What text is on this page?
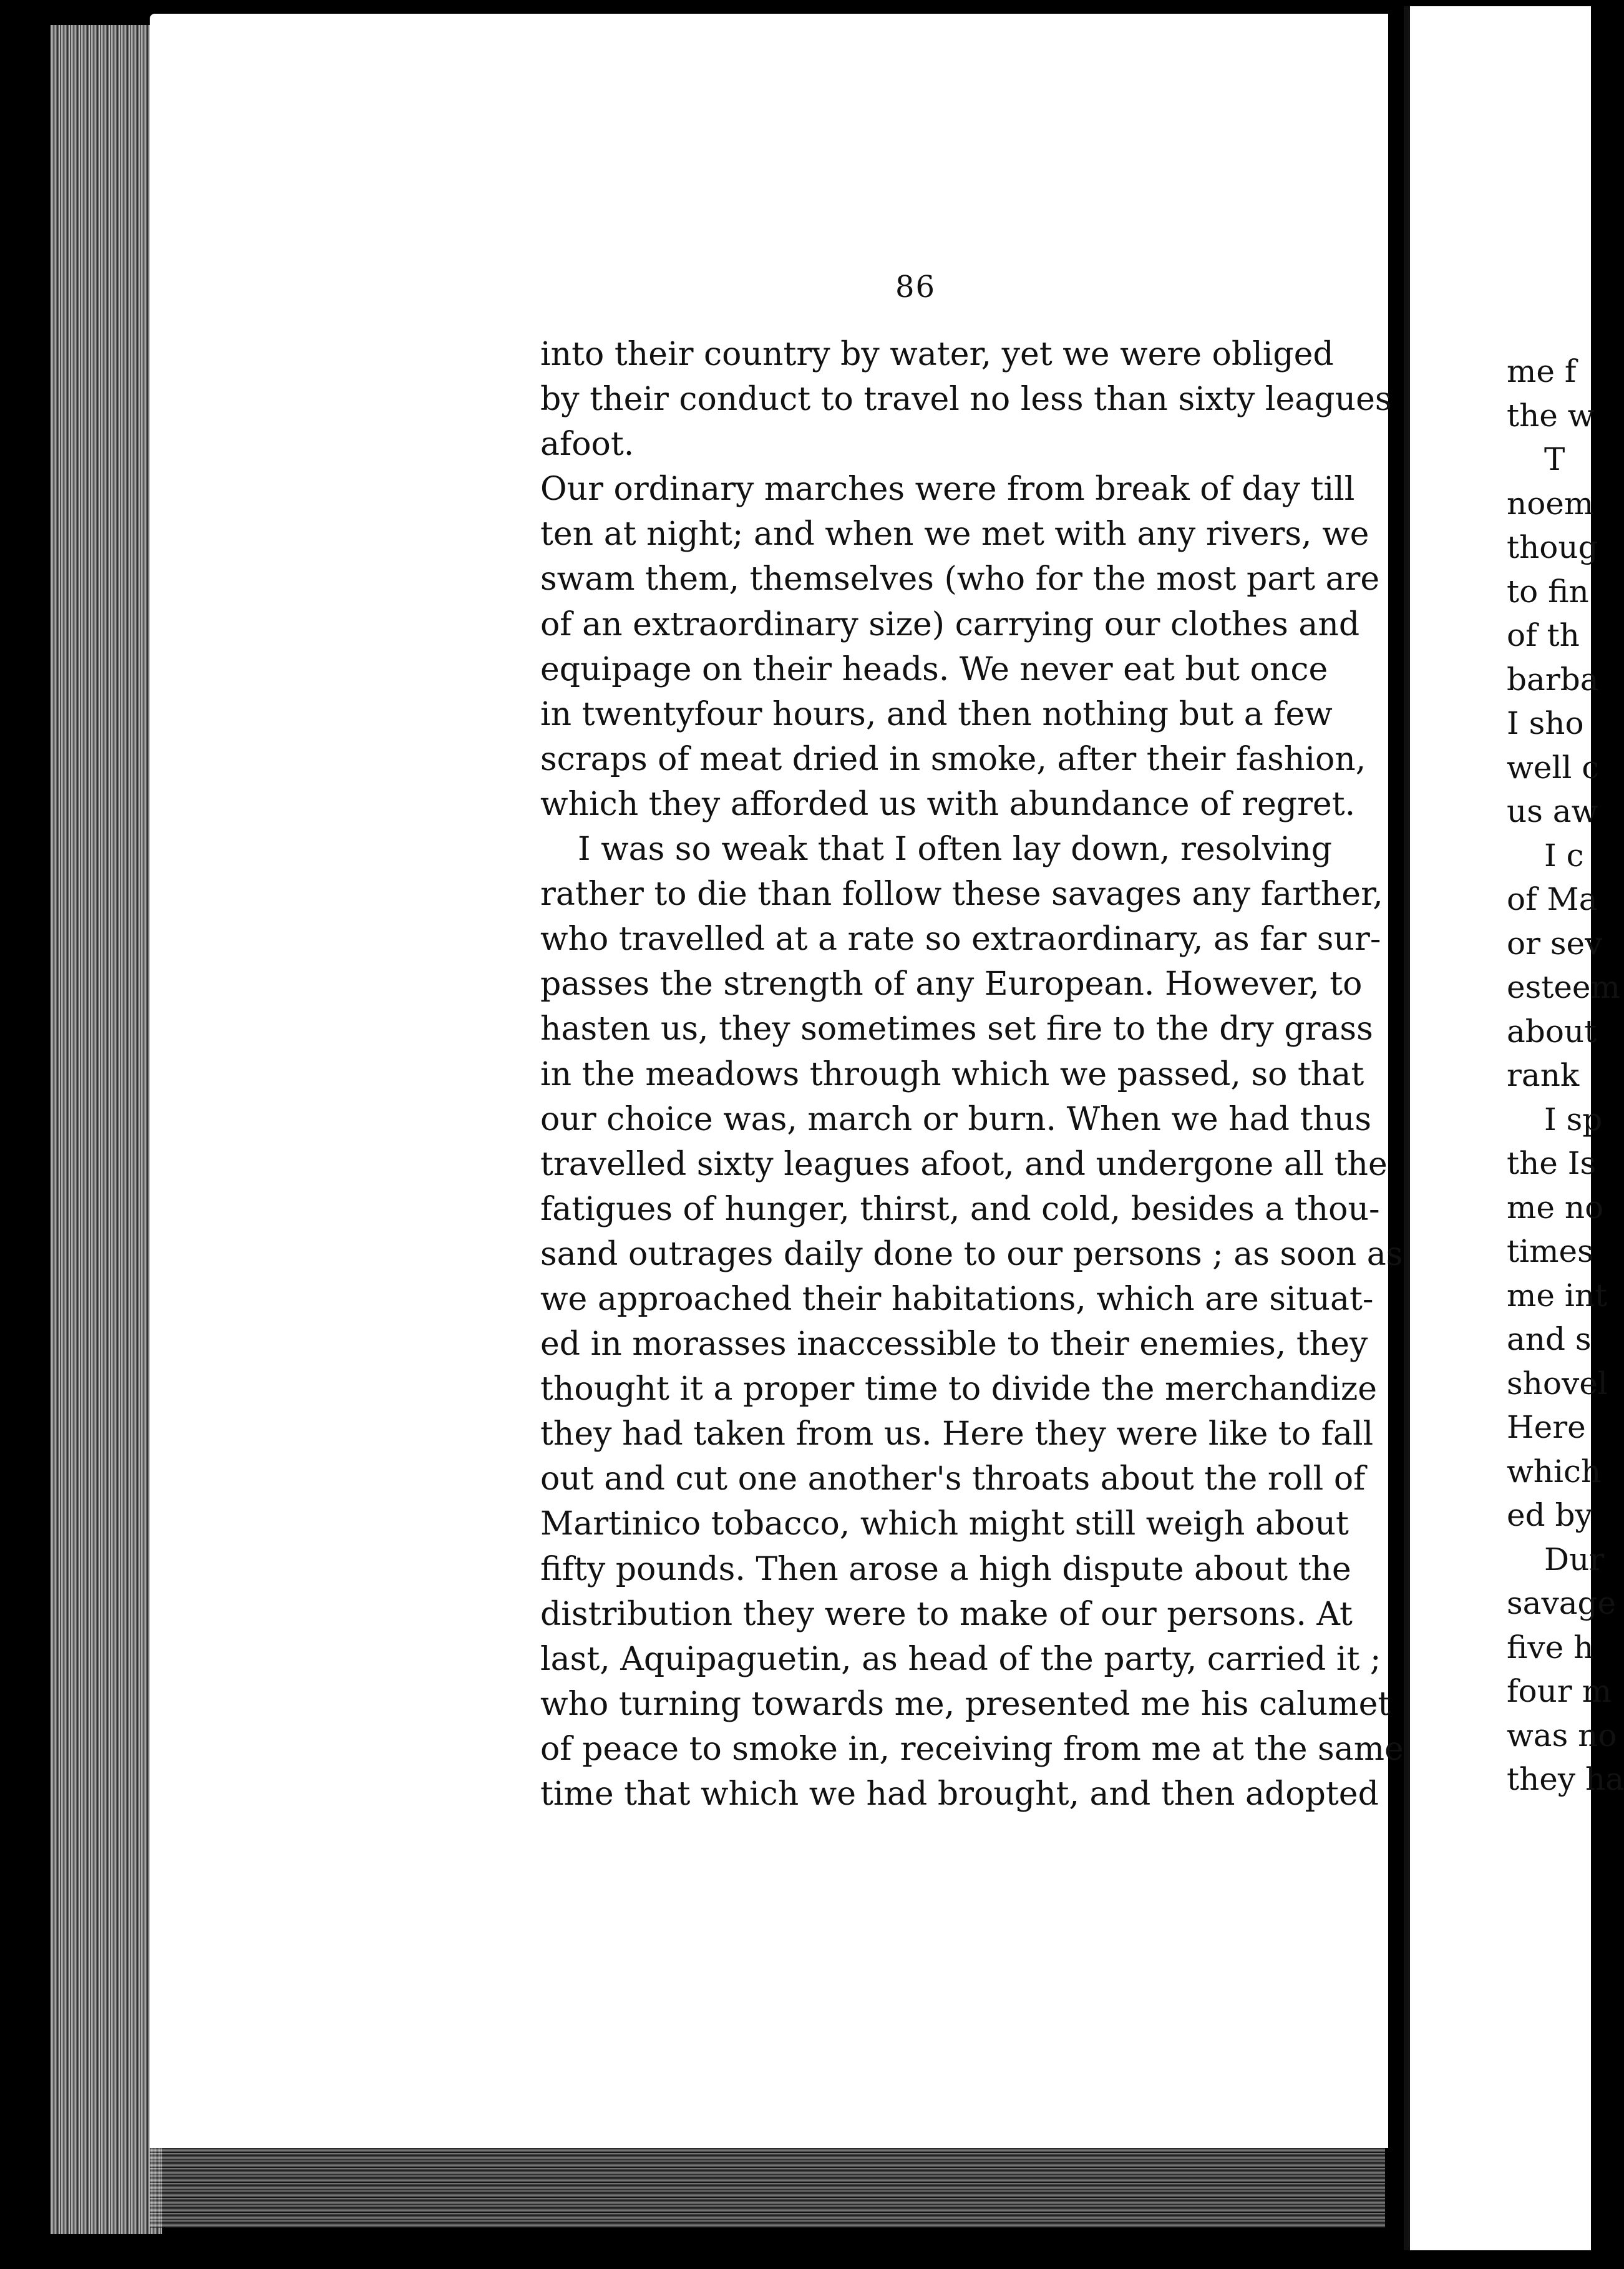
86

into their country by water, yet we were obliged
by their conduct to travel no less than sixty leagues
afoot.

Our ordinary marches were from break of day till
ten at night; and when we met with any rivers, we
swam them, themselves (who for the most part are
of an extraordinary size) carrying our clothes and
equipage on their heads. We never eat but once
in twentyfour hours, and then nothing but a few
scraps of meat dried in smoke, after their fashion,
which they afforded us with abundance of regret.

I was so weak that I often lay down, resolving
rather to die than follow these savages any farther,
who travelled at a rate so extraordinary, as far sur-
passes the strength of any European. However, to
hasten us, they sometimes set fire to the dry grass
in the meadows through which we passed, so that
our choice was, march or burn. When we had thus
travelled sixty leagues afoot, and undergone all the
fatigues of hunger, thirst, and cold, besides a thou-
sand outrages daily done to our persons ; as soon as
we approached their habitations, which are situat-
ed in morasses inaccessible to their enemies, they
thought it a proper time to divide the merchandize
they had taken from us. Here they were like to fall
out and cut one another's throats about the roll of
Martinico tobacco, which might still weigh about
fifty pounds. Then arose a high dispute about the
distribution they were to make of our persons. At
last, Aquipaguetin, as head of the party, carried it ;
who turning towards me, presented me his calumet
of peace to smoke in, receiving from me at the same
time that which we had brought, and then adopted

me f
the w
T
noem
thoug
to fin
of th
barba
I sho
well c
us aw
I c
of Ma
or sev
esteem
about
rank
I sp
the Is
me no
times
me int
and s
shovel
Here
which
ed by
Dur
savage
five h
four m
was no
they ha
